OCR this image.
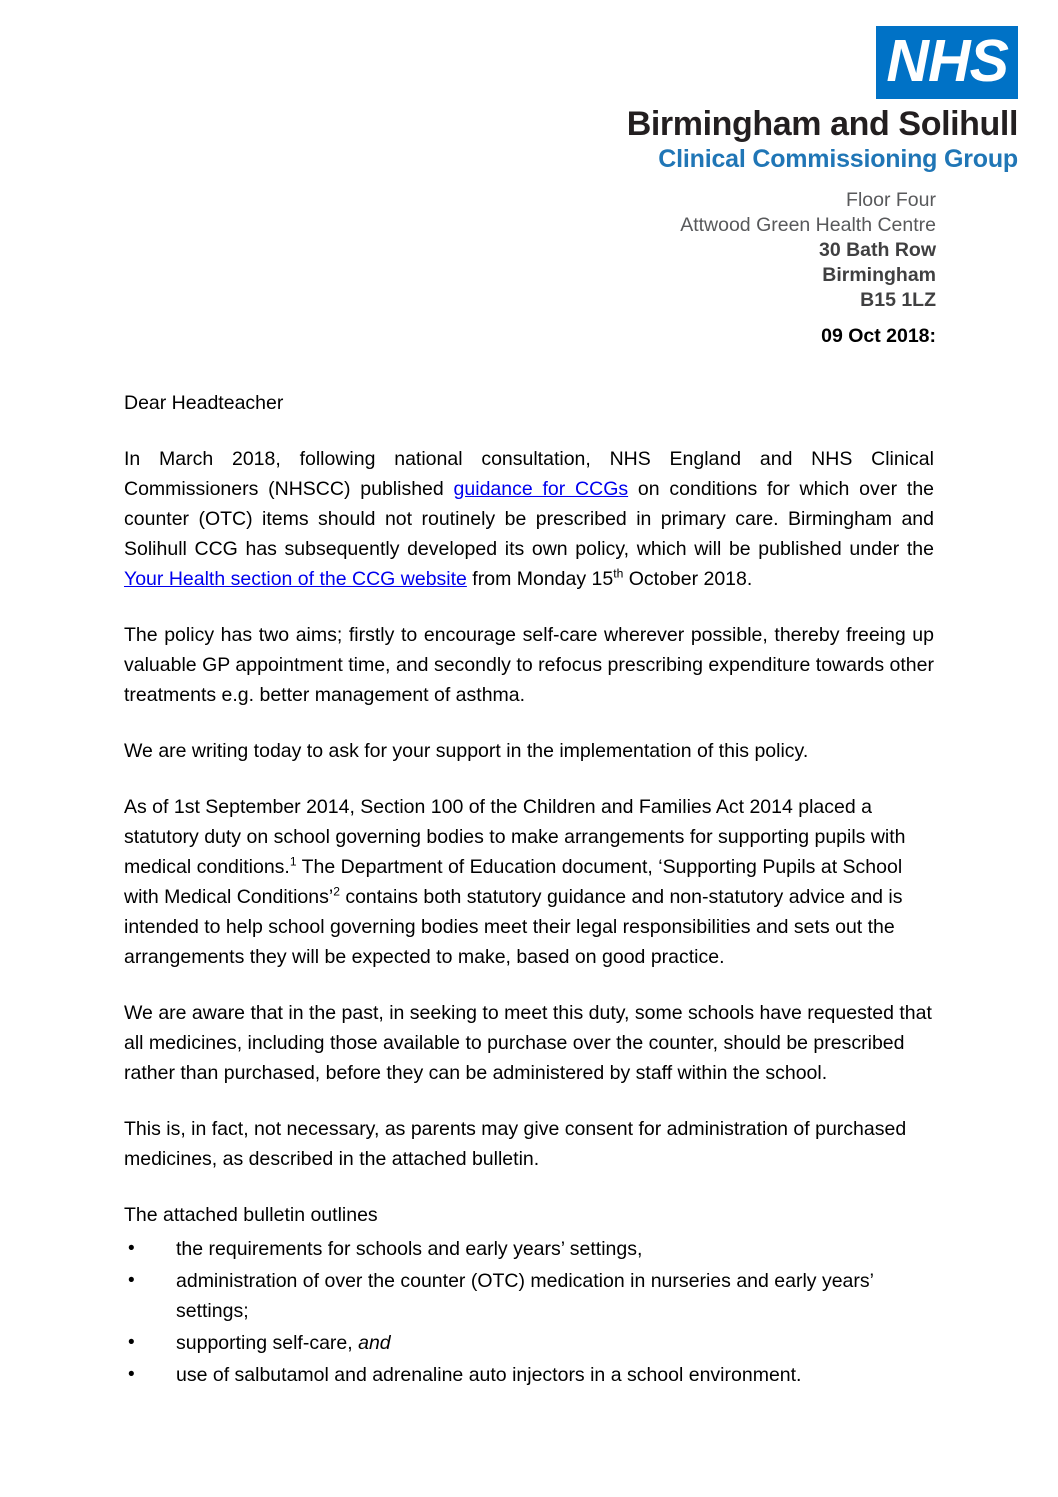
NHS
Birmingham and Solihull
Clinical Commissioning Group
Floor Four
Attwood Green Health Centre
30 Bath Row
Birmingham
B15 1LZ
09 Oct 2018:

Dear Headteacher

In March 2018, following national consultation, NHS England and NHS Clinical Commissioners (NHSCC) published guidance for CCGs on conditions for which over the counter (OTC) items should not routinely be prescribed in primary care. Birmingham and Solihull CCG has subsequently developed its own policy, which will be published under the Your Health section of the CCG website from Monday 15th October 2018.

The policy has two aims; firstly to encourage self-care wherever possible, thereby freeing up valuable GP appointment time, and secondly to refocus prescribing expenditure towards other treatments e.g. better management of asthma.

We are writing today to ask for your support in the implementation of this policy.

As of 1st September 2014, Section 100 of the Children and Families Act 2014 placed a statutory duty on school governing bodies to make arrangements for supporting pupils with medical conditions.$^1$ The Department of Education document, ‘Supporting Pupils at School with Medical Conditions’$^2$ contains both statutory guidance and non-statutory advice and is intended to help school governing bodies meet their legal responsibilities and sets out the arrangements they will be expected to make, based on good practice.

We are aware that in the past, in seeking to meet this duty, some schools have requested that all medicines, including those available to purchase over the counter, should be prescribed rather than purchased, before they can be administered by staff within the school.

This is, in fact, not necessary, as parents may give consent for administration of purchased medicines, as described in the attached bulletin.

The attached bulletin outlines

• the requirements for schools and early years’ settings,
• administration of over the counter (OTC) medication in nurseries and early years’ settings;
• supporting self-care, and
• use of salbutamol and adrenaline auto injectors in a school environment.
